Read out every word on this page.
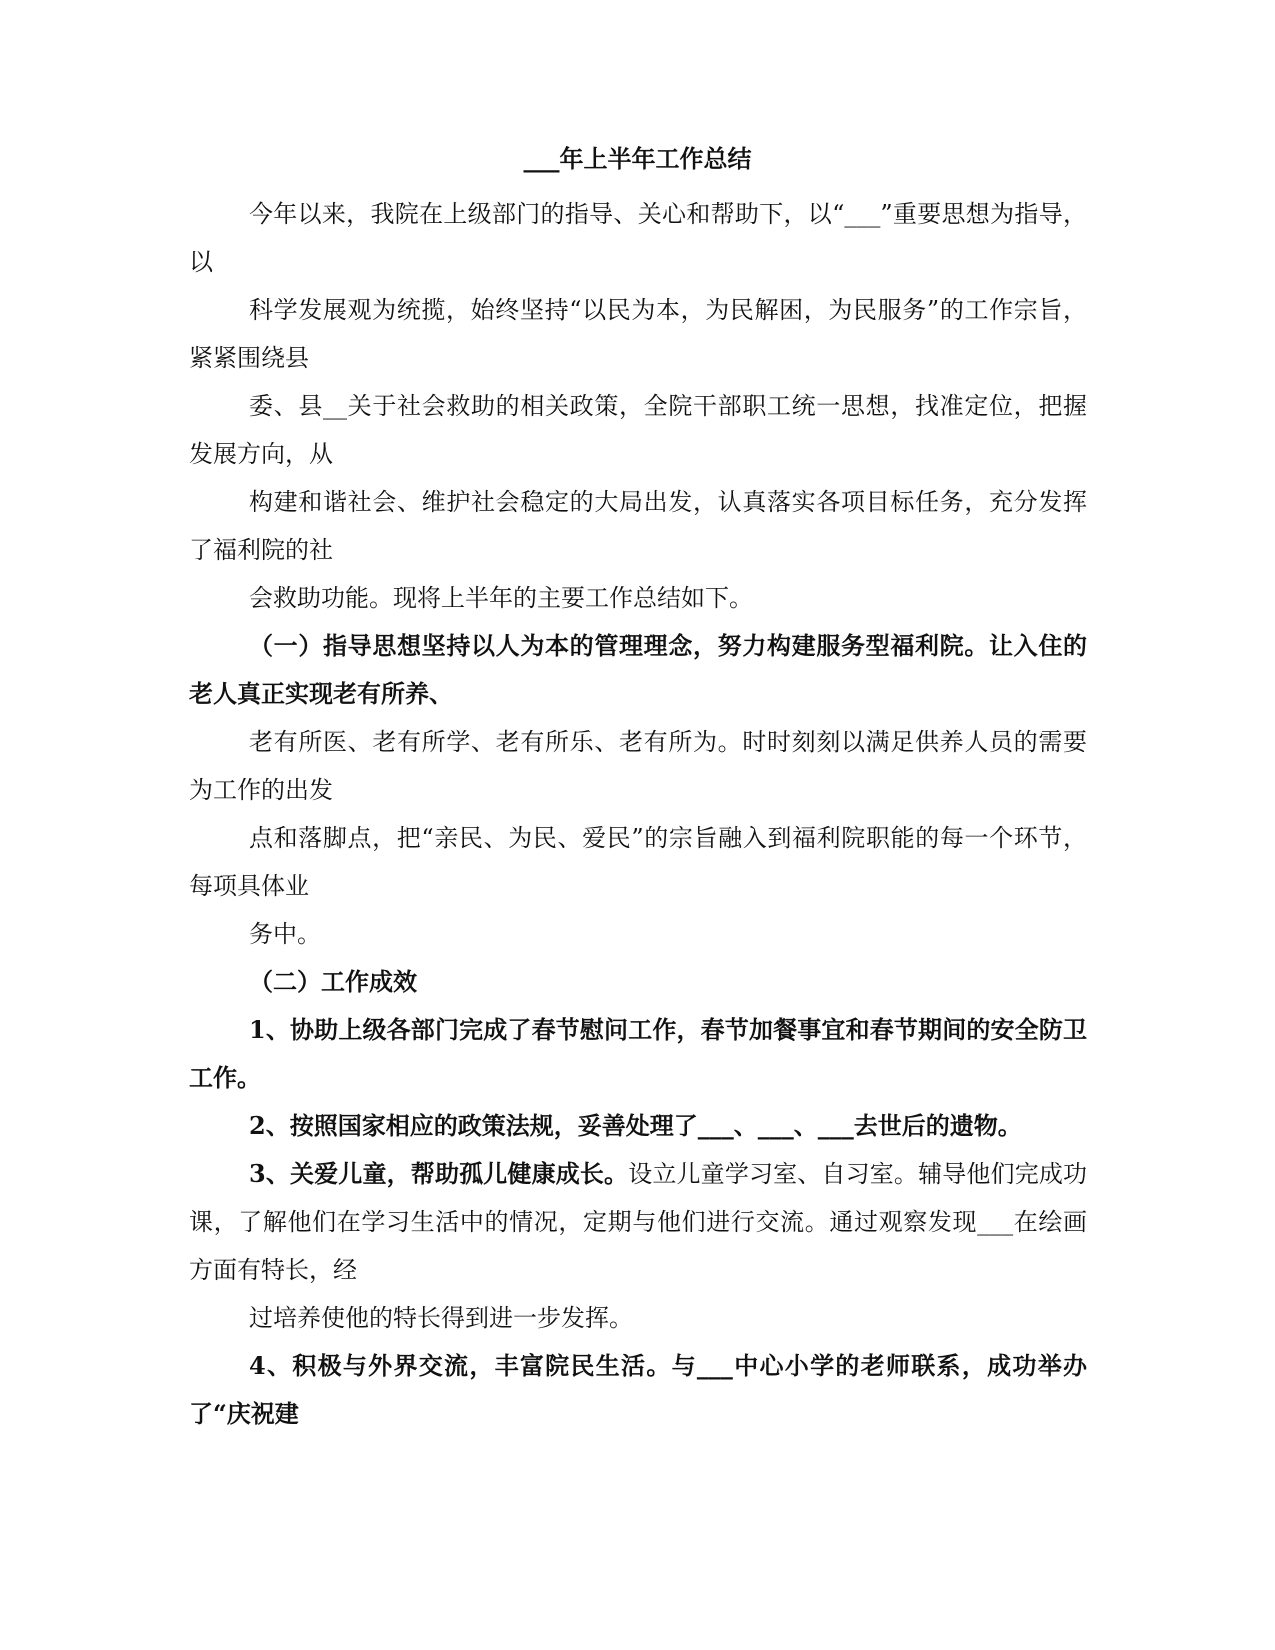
___年上半年工作总结

今年以来，我院在上级部门的指导、关心和帮助下，以“___”重要思想为指导，以

科学发展观为统揽，始终坚持“以民为本，为民解困，为民服务”的工作宗旨，紧紧围绕县

委、县__关于社会救助的相关政策，全院干部职工统一思想，找准定位，把握发展方向，从

构建和谐社会、维护社会稳定的大局出发，认真落实各项目标任务，充分发挥了福利院的社

会救助功能。现将上半年的主要工作总结如下。

（一）指导思想坚持以人为本的管理理念，努力构建服务型福利院。让入住的老人真正实现老有所养、

老有所医、老有所学、老有所乐、老有所为。时时刻刻以满足供养人员的需要为工作的出发

点和落脚点，把“亲民、为民、爱民”的宗旨融入到福利院职能的每一个环节，每项具体业

务中。

（二）工作成效

1、协助上级各部门完成了春节慰问工作，春节加餐事宜和春节期间的安全防卫工作。

2、按照国家相应的政策法规，妥善处理了___、___、___去世后的遗物。

3、关爱儿童，帮助孤儿健康成长。设立儿童学习室、自习室。辅导他们完成功课，了解他们在学习生活中的情况，定期与他们进行交流。通过观察发现___在绘画方面有特长，经

过培养使他的特长得到进一步发挥。

4、积极与外界交流，丰富院民生活。与___中心小学的老师联系，成功举办了“庆祝建
